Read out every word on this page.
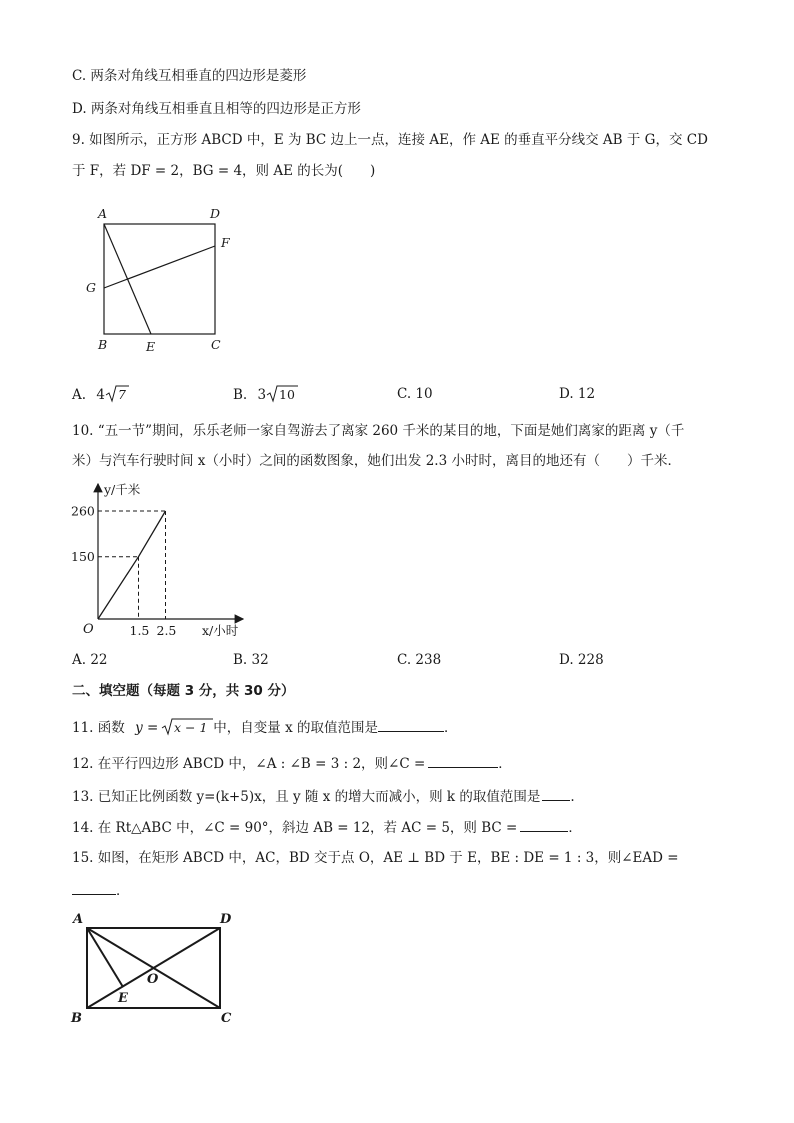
C. 两条对角线互相垂直的四边形是菱形
D. 两条对角线互相垂直且相等的四边形是正方形
9. 如图所示，正方形 ABCD 中，E 为 BC 边上一点，连接 AE，作 AE 的垂直平分线交 AB 于 G，交 CD
于 F，若 DF = 2，BG = 4，则 AE 的长为(　　)
A	D
F
G
B	E	C
A. 4 7	B. 3 10	C. 10	D. 12
10. “五一节”期间，乐乐老师一家自驾游去了离家 260 千米的某目的地，下面是她们离家的距离 y（千
米）与汽车行驶时间 x（小时）之间的函数图象，她们出发 2.3 小时时，离目的地还有（　　）千米．
150
1.5
260
2.5
y/千米
x/小时
O
A. 22	B. 32	C. 238	D. 228
二、填空题（每题 3 分，共 30 分）
11. 函数 y = x − 1 中，自变量 x 的取值范围是	．
12. 在平行四边形 ABCD 中，∠A : ∠B = 3 : 2，则∠C =	．
13. 已知正比例函数 y=(k+5)x，且 y 随 x 的增大而减小，则 k 的取值范围是 .
14. 在 Rt△ABC 中，∠C = 90°，斜边 AB = 12，若 AC = 5，则 BC =	．
15. 如图，在矩形 ABCD 中，AC，BD 交于点 O，AE ⊥ BD 于 E，BE : DE = 1 : 3，则∠EAD =
．
A	D
B	C
O
E
